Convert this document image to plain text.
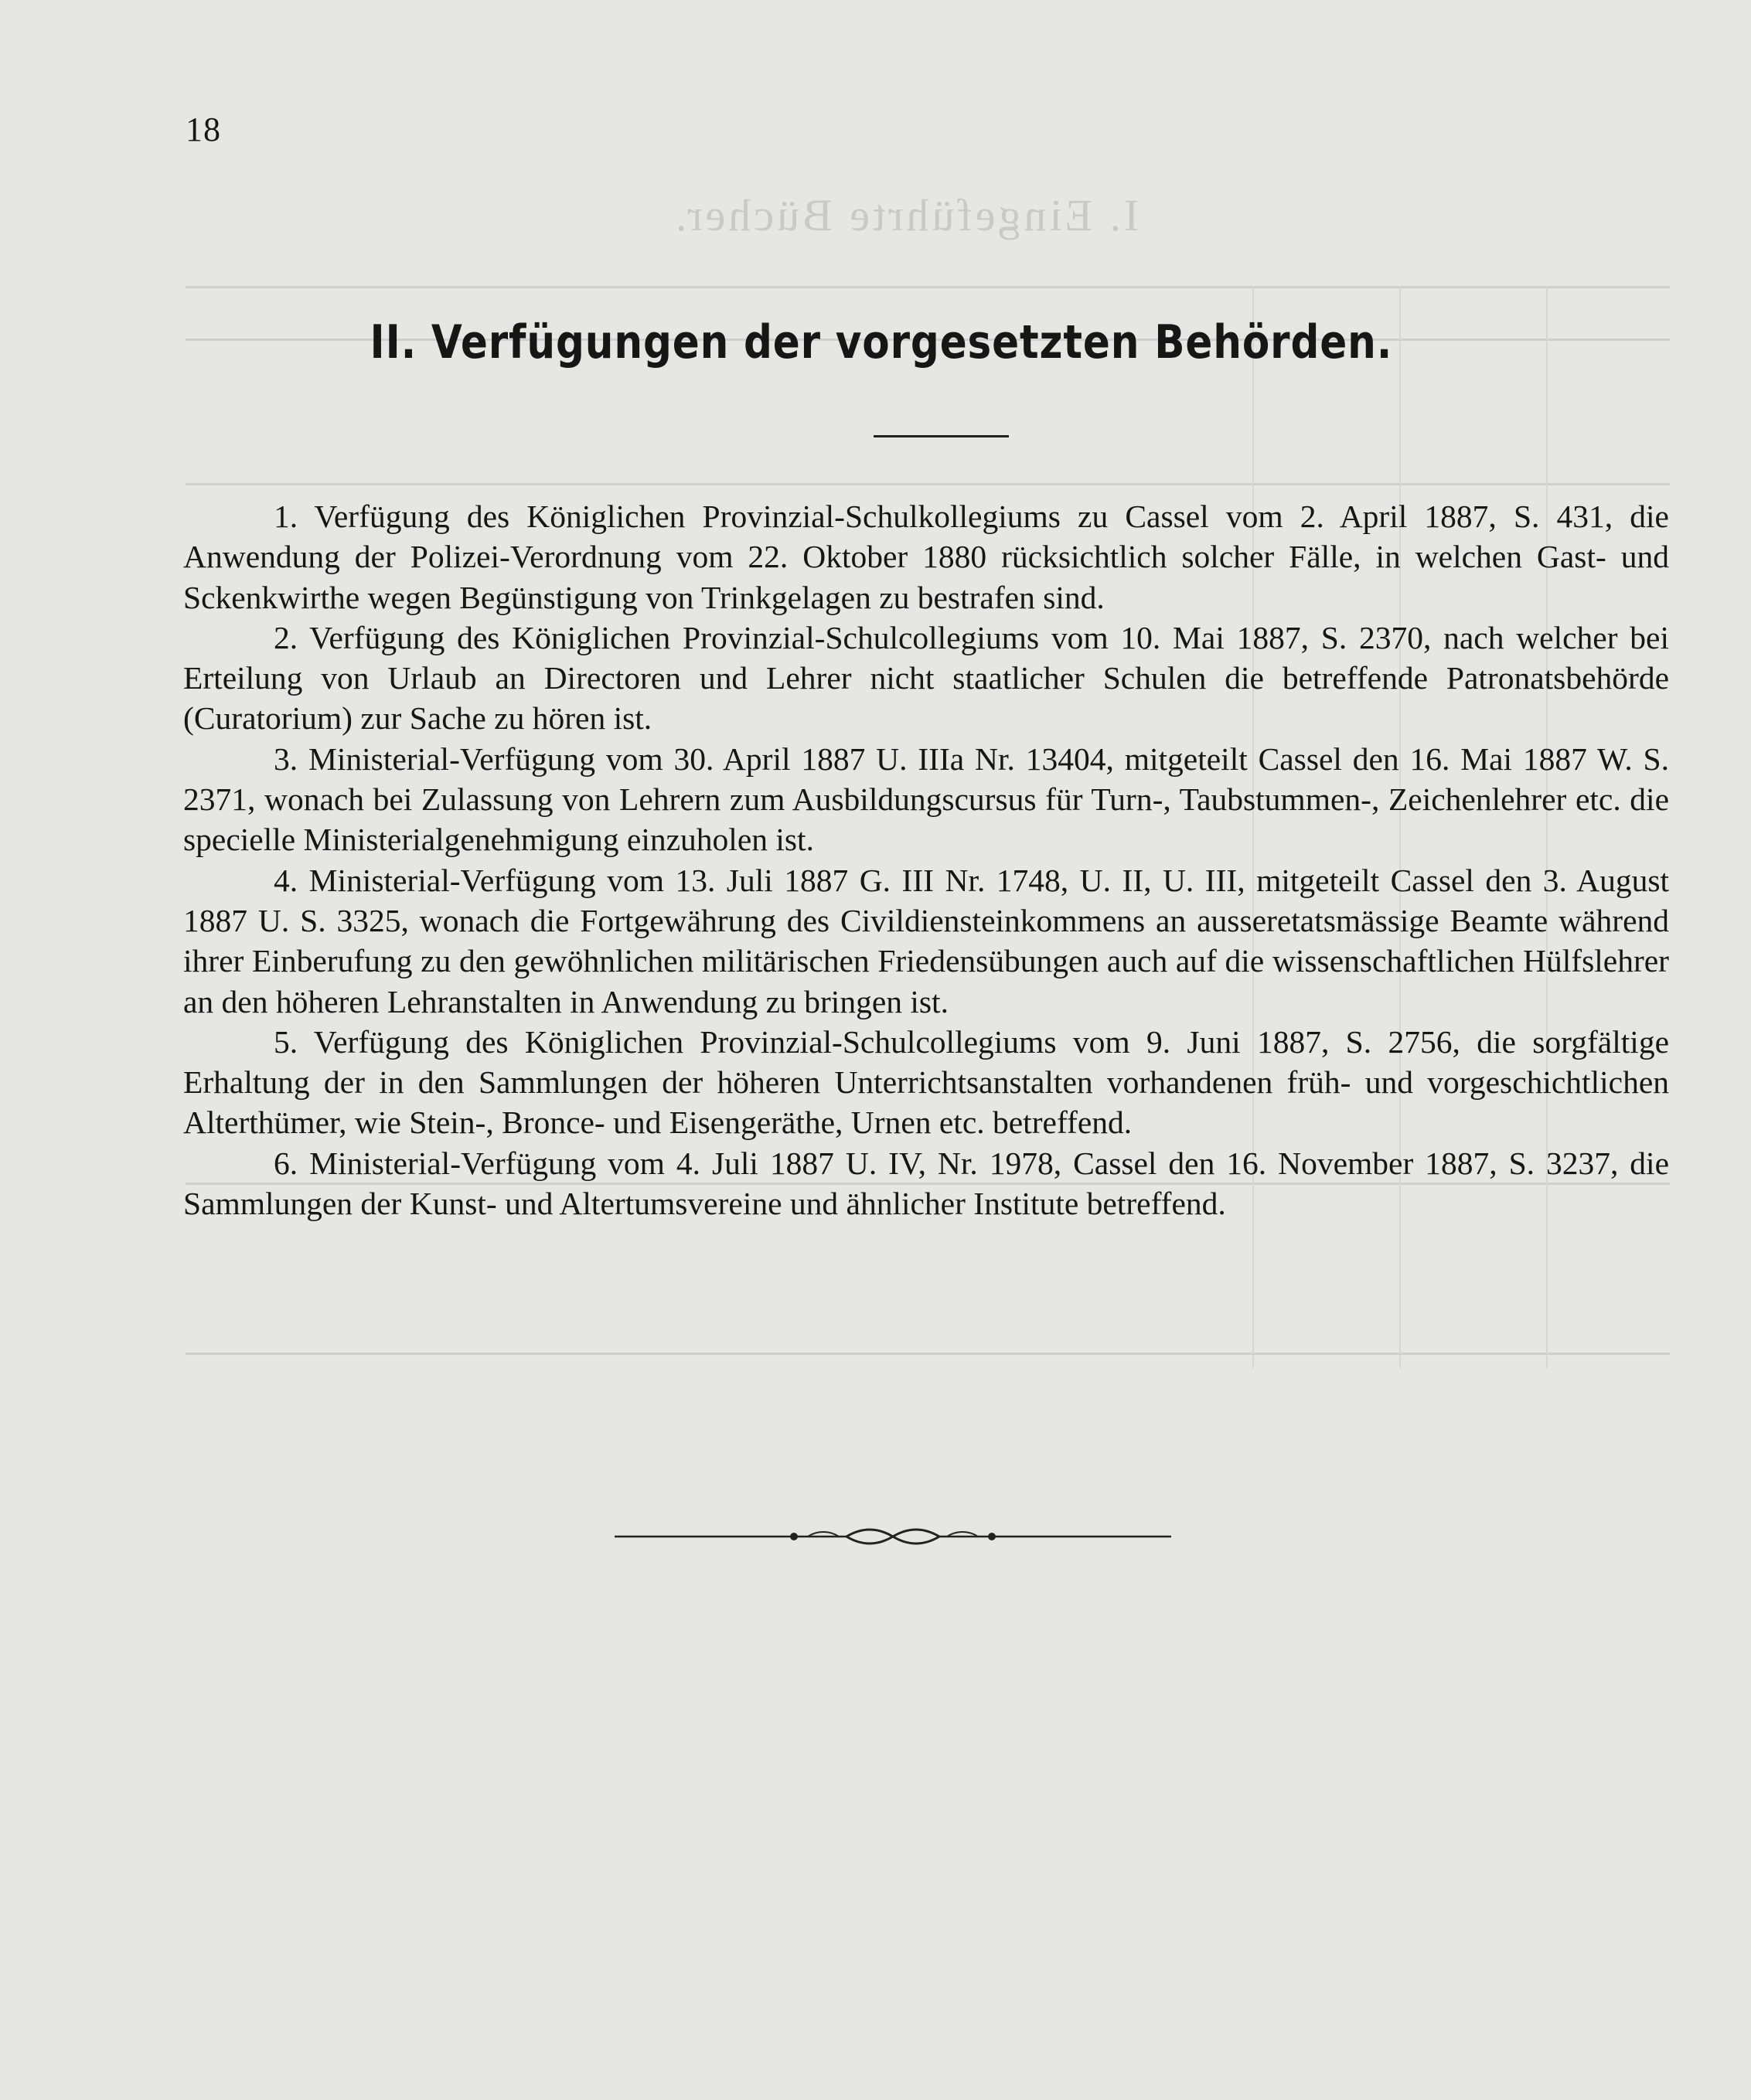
I. Eingeführte Bücher.
18
II. Verfügungen der vorgesetzten Behörden.

1. Verfügung des Königlichen Provinzial-Schulkollegiums zu Cassel vom 2. April 1887, S. 431, die Anwendung der Polizei-Verordnung vom 22. Oktober 1880 rücksichtlich solcher Fälle, in welchen Gast- und Sckenkwirthe wegen Begünstigung von Trinkgelagen zu bestrafen sind.

2. Verfügung des Königlichen Provinzial-Schulcollegiums vom 10. Mai 1887, S. 2370, nach welcher bei Erteilung von Urlaub an Directoren und Lehrer nicht staatlicher Schulen die betreffende Patronatsbehörde (Curatorium) zur Sache zu hören ist.

3. Ministerial-Verfügung vom 30. April 1887 U. IIIa Nr. 13404, mitgeteilt Cassel den 16. Mai 1887 W. S. 2371, wonach bei Zulassung von Lehrern zum Ausbildungscursus für Turn-, Taubstummen-, Zeichenlehrer etc. die specielle Ministerialgenehmigung einzuholen ist.

4. Ministerial-Verfügung vom 13. Juli 1887 G. III Nr. 1748, U. II, U. III, mitgeteilt Cassel den 3. August 1887 U. S. 3325, wonach die Fortgewährung des Civildiensteinkommens an ausseretatsmässige Beamte während ihrer Einberufung zu den gewöhnlichen militärischen Friedensübungen auch auf die wissenschaftlichen Hülfslehrer an den höheren Lehranstalten in Anwendung zu bringen ist.

5. Verfügung des Königlichen Provinzial-Schulcollegiums vom 9. Juni 1887, S. 2756, die sorgfältige Erhaltung der in den Sammlungen der höheren Unterrichtsanstalten vorhandenen früh- und vorgeschichtlichen Alterthümer, wie Stein-, Bronce- und Eisengeräthe, Urnen etc. betreffend.

6. Ministerial-Verfügung vom 4. Juli 1887 U. IV, Nr. 1978, Cassel den 16. November 1887, S. 3237, die Sammlungen der Kunst- und Altertumsvereine und ähnlicher Institute betreffend.
